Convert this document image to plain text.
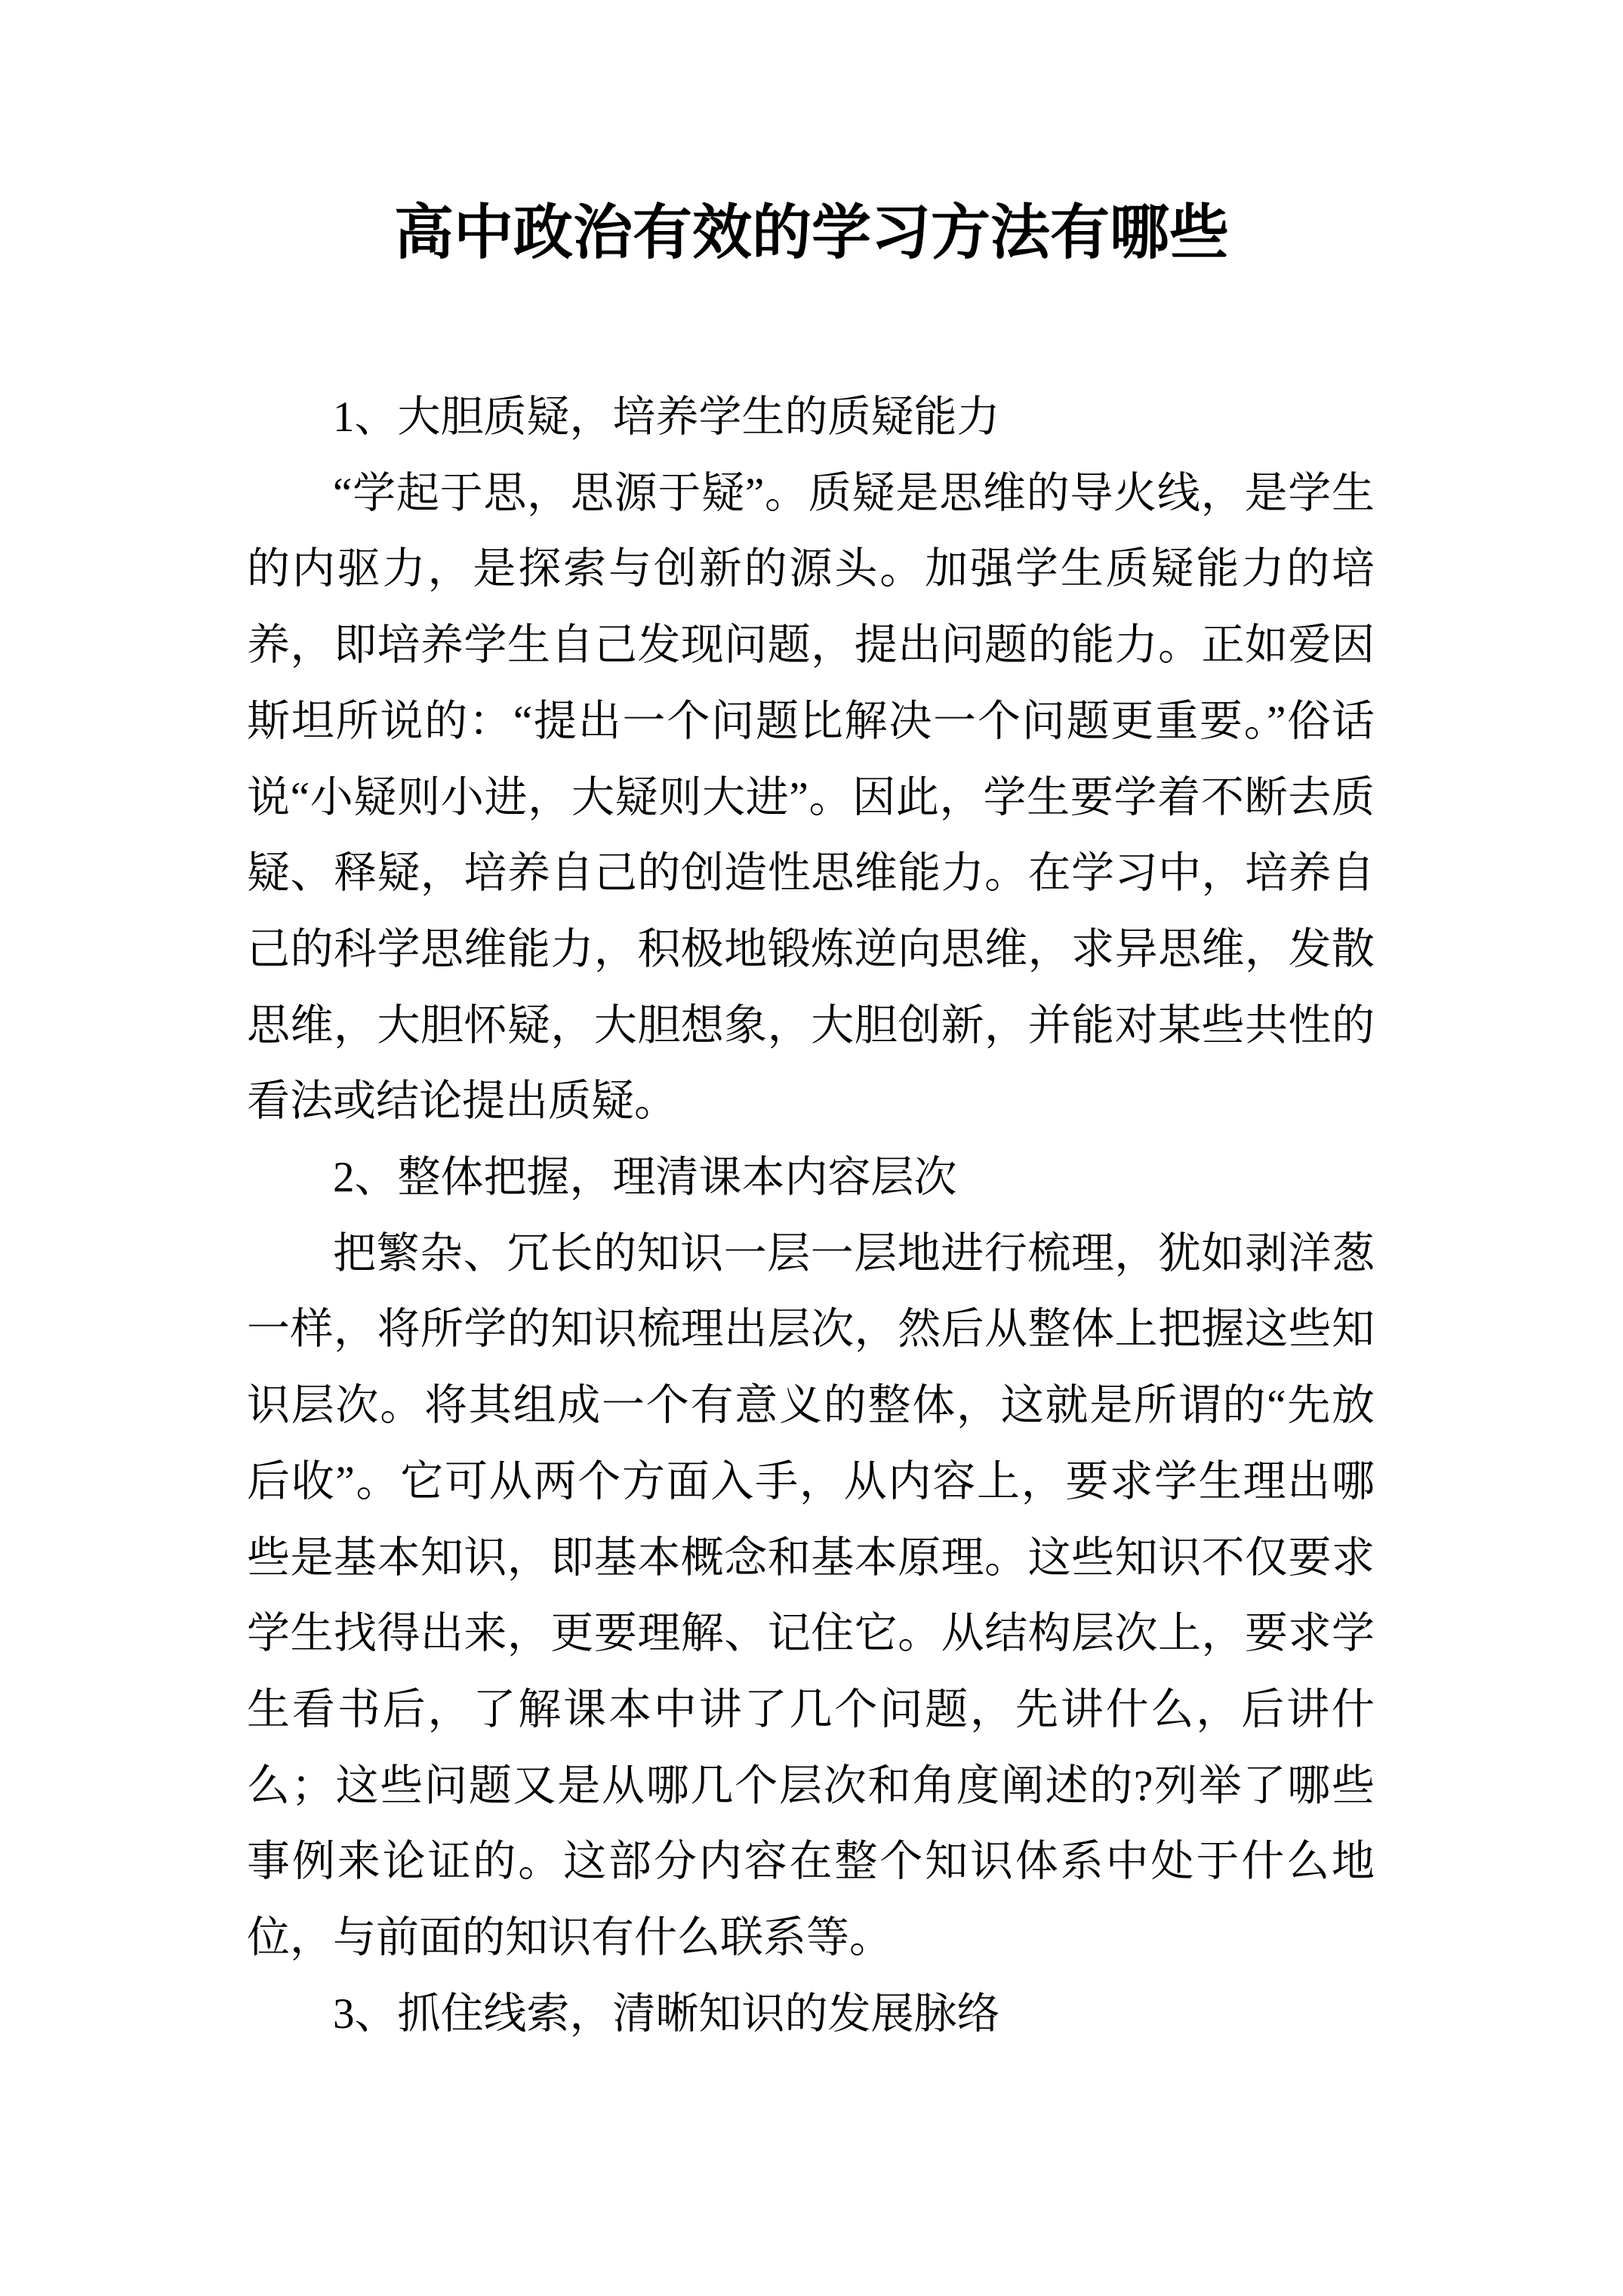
高中政治有效的学习方法有哪些

1、大胆质疑，培养学生的质疑能力

“学起于思，思源于疑”。质疑是思维的导火线，是学生的内驱力，是探索与创新的源头。加强学生质疑能力的培养，即培养学生自己发现问题，提出问题的能力。正如爱因斯坦所说的：“提出一个问题比解决一个问题更重要。”俗话说“小疑则小进，大疑则大进”。因此，学生要学着不断去质疑、释疑，培养自己的创造性思维能力。在学习中，培养自己的科学思维能力，积极地锻炼逆向思维，求异思维，发散思维，大胆怀疑，大胆想象，大胆创新，并能对某些共性的看法或结论提出质疑。

2、整体把握，理清课本内容层次

把繁杂、冗长的知识一层一层地进行梳理，犹如剥洋葱一样，将所学的知识梳理出层次，然后从整体上把握这些知识层次。将其组成一个有意义的整体，这就是所谓的“先放后收”。它可从两个方面入手，从内容上，要求学生理出哪些是基本知识，即基本概念和基本原理。这些知识不仅要求学生找得出来，更要理解、记住它。从结构层次上，要求学生看书后，了解课本中讲了几个问题，先讲什么，后讲什么；这些问题又是从哪几个层次和角度阐述的?列举了哪些事例来论证的。这部分内容在整个知识体系中处于什么地位，与前面的知识有什么联系等。

3、抓住线索，清晰知识的发展脉络
